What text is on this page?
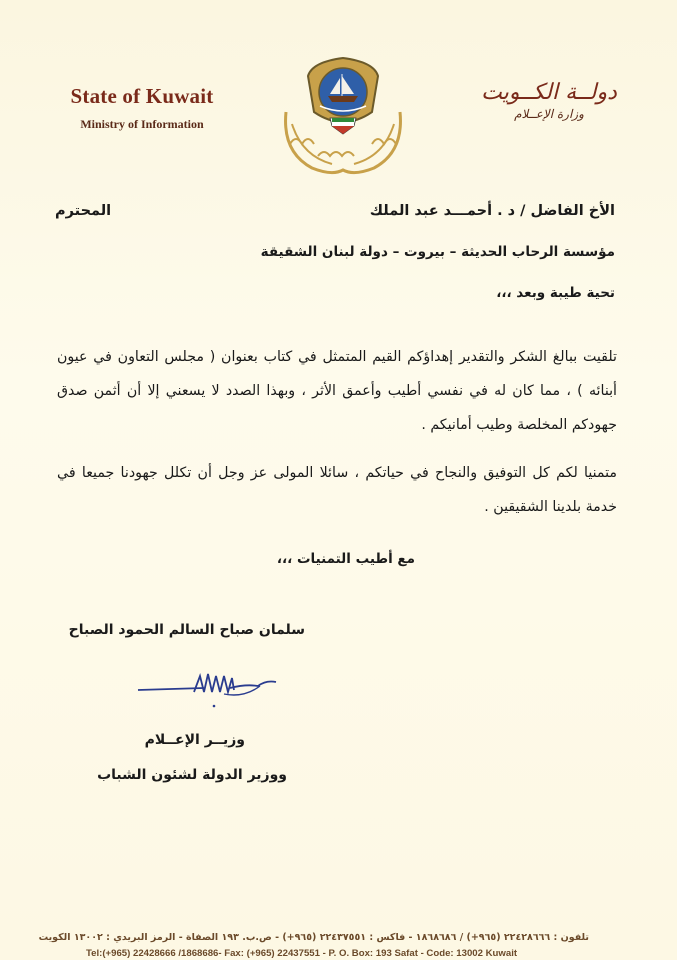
State of Kuwait
Ministry of Information
دولــة الكــويت
وزارة الإعــلام
الأخ الفاضل / د . أحمـــد عبد الملك
المحترم
مؤسسة الرحاب الحديثة – بيروت – دولة لبنان الشقيقة
تحية طيبة وبعد ،،،
تلقيت ببالغ الشكر والتقدير إهداؤكم القيم المتمثل في كتاب بعنوان ( مجلس التعاون في عيون أبنائه ) ، مما كان له في نفسي أطيب وأعمق الأثر ، وبهذا الصدد لا يسعني إلا أن أثمن صدق جهودكم المخلصة وطيب أمانيكم .
متمنيا لكم كل التوفيق والنجاح في حياتكم ، سائلا المولى عز وجل أن تكلل جهودنا جميعا في خدمة بلدينا الشقيقين .
مع أطيب التمنيات ،،،
سلمان صباح السالم الحمود الصباح
وزيــر الإعــلام
ووزير الدولة لشئون الشباب
تلفون : ٢٢٤٢٨٦٦٦ (٩٦٥+) / ١٨٦٨٦٨٦ - فاكس : ٢٢٤٣٧٥٥١ (٩٦٥+) - ص.ب. ١٩٣ الصفاة - الرمز البريدي : ١٣٠٠٢ الكويت
Tel:(+965) 22428666 /1868686- Fax: (+965) 22437551 - P. O. Box: 193 Safat - Code: 13002 Kuwait
